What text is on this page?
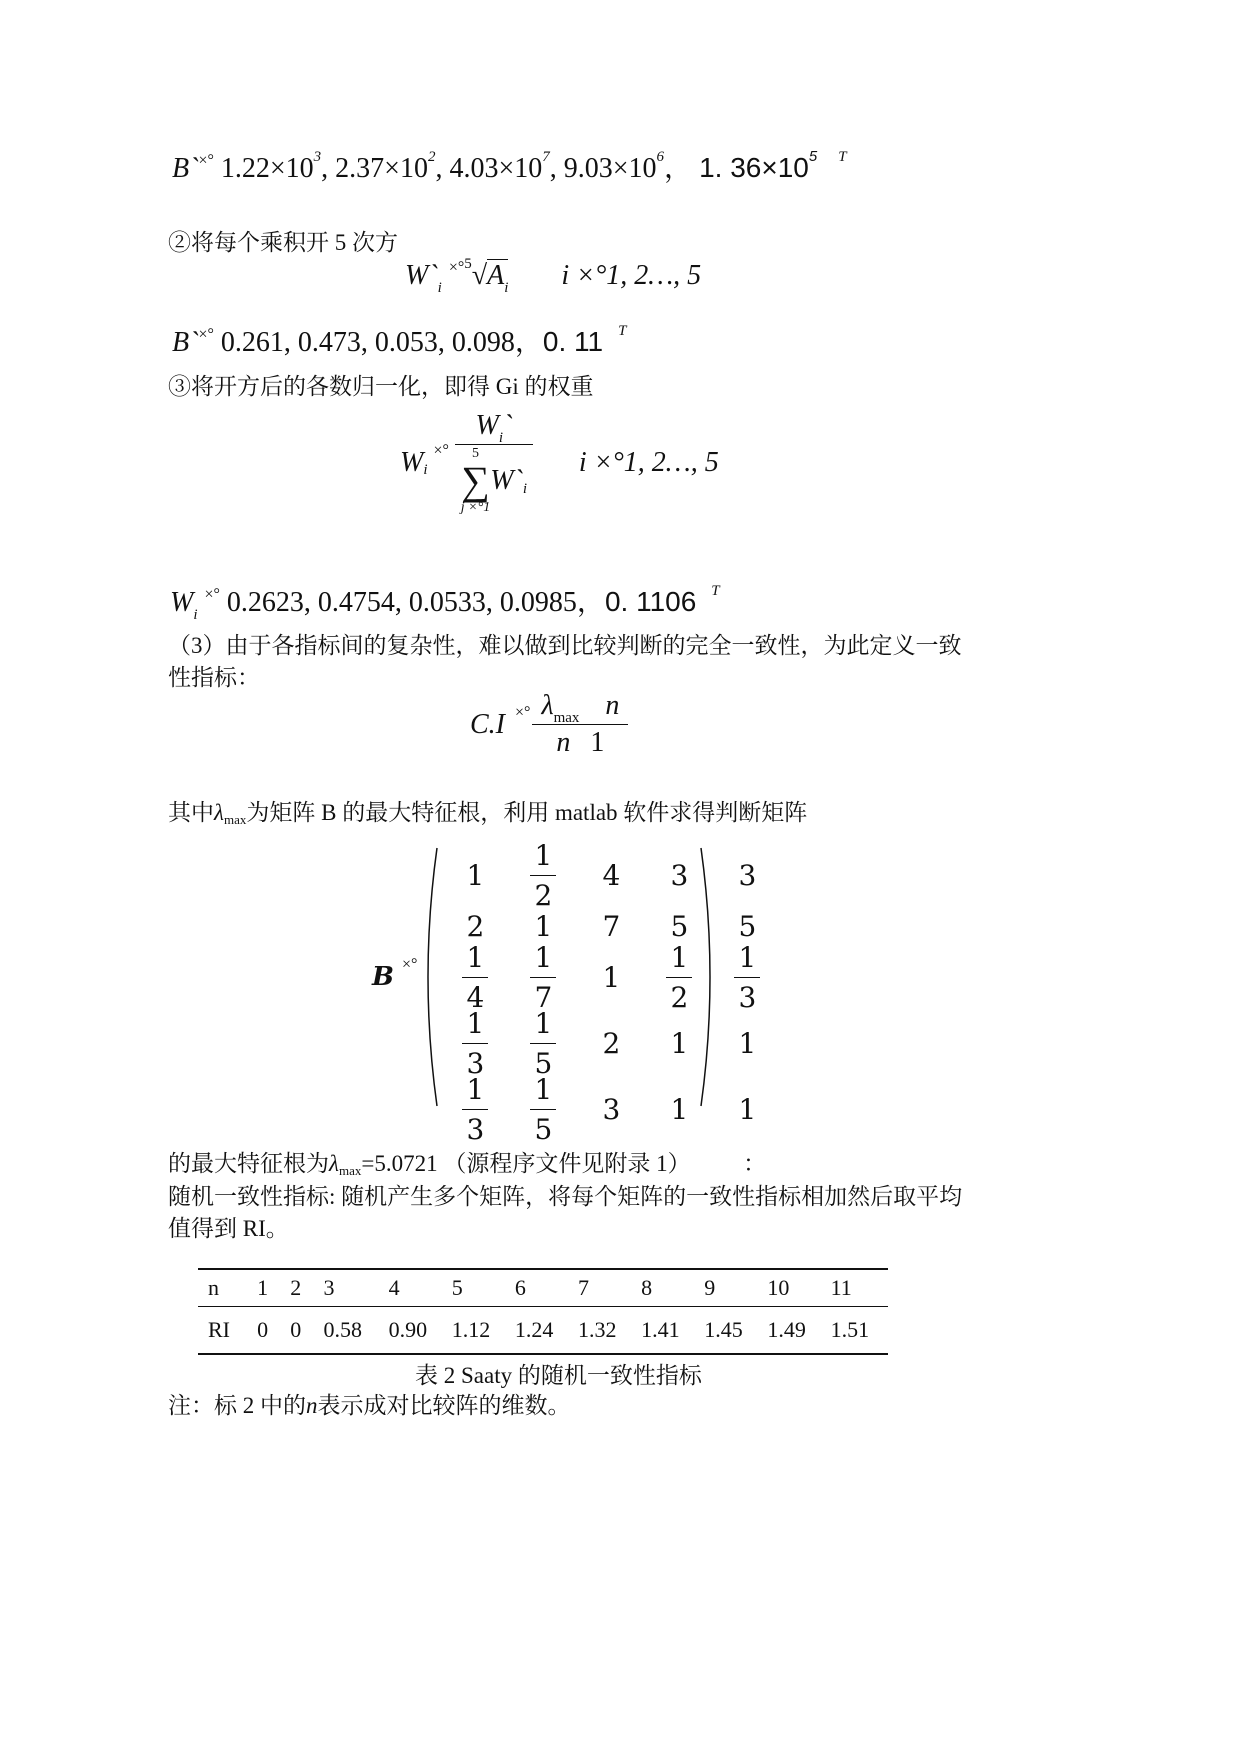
B`×° $1.22\times 10^3$, $2.37\times 10^2$, $4.03\times 10^7$, $9.03\times 10^6$， 1. $36\times 10^5$ $^T$
②将每个乘积开 5 次方
$W`_i$ $^{\times^\circ 5}√A_i$ i ×°1, 2…, 5
B`×° 0.261, 0.473, 0.053, 0.098，0. 11 $^T$
③将开方后的各数归一化，即得 Gi 的权重
W i
×° $W_i`$
5
∑
j ×°1
W` i i ×°1, 2…, 5
$W_i$ ×° 0.2623, 0.4754, 0.0533, 0.0985，0. 1106 $^T$
（3）由于各指标间的复杂性，难以做到比较判断的完全一致性，为此定义一致
性指标：
C.I ×° $\frac{\lambda_{max} n}{n 1}$
其中λmax为矩阵 B 的最大特征根，利用 matlab 软件求得判断矩阵
B ×°
$1 \frac{1}{2} 4$ 3 3
2 1 7 5 5
$\frac{1}{4} \frac{1}{7} 1 \frac{1}{2} \frac{1}{3}$
$\frac{1}{3} \frac{1}{5} 2$ 1 1
$\frac{1}{3} \frac{1}{5} 3$ 1 1
的最大特征根为λmax=5.0721 （源程序文件见附录 1）	：
随机一致性指标: 随机产生多个矩阵，将每个矩阵的一致性指标相加然后取平均
值得到 RI。
n	1	2	3	4	5	6	7	8	9	10	11

RI	0	0	0.58	0.90	1.12	1.24	1.32	1.41	1.45	1.49	1.51
表 2 Saaty 的随机一致性指标
注：标 2 中的n表示成对比较阵的维数。
